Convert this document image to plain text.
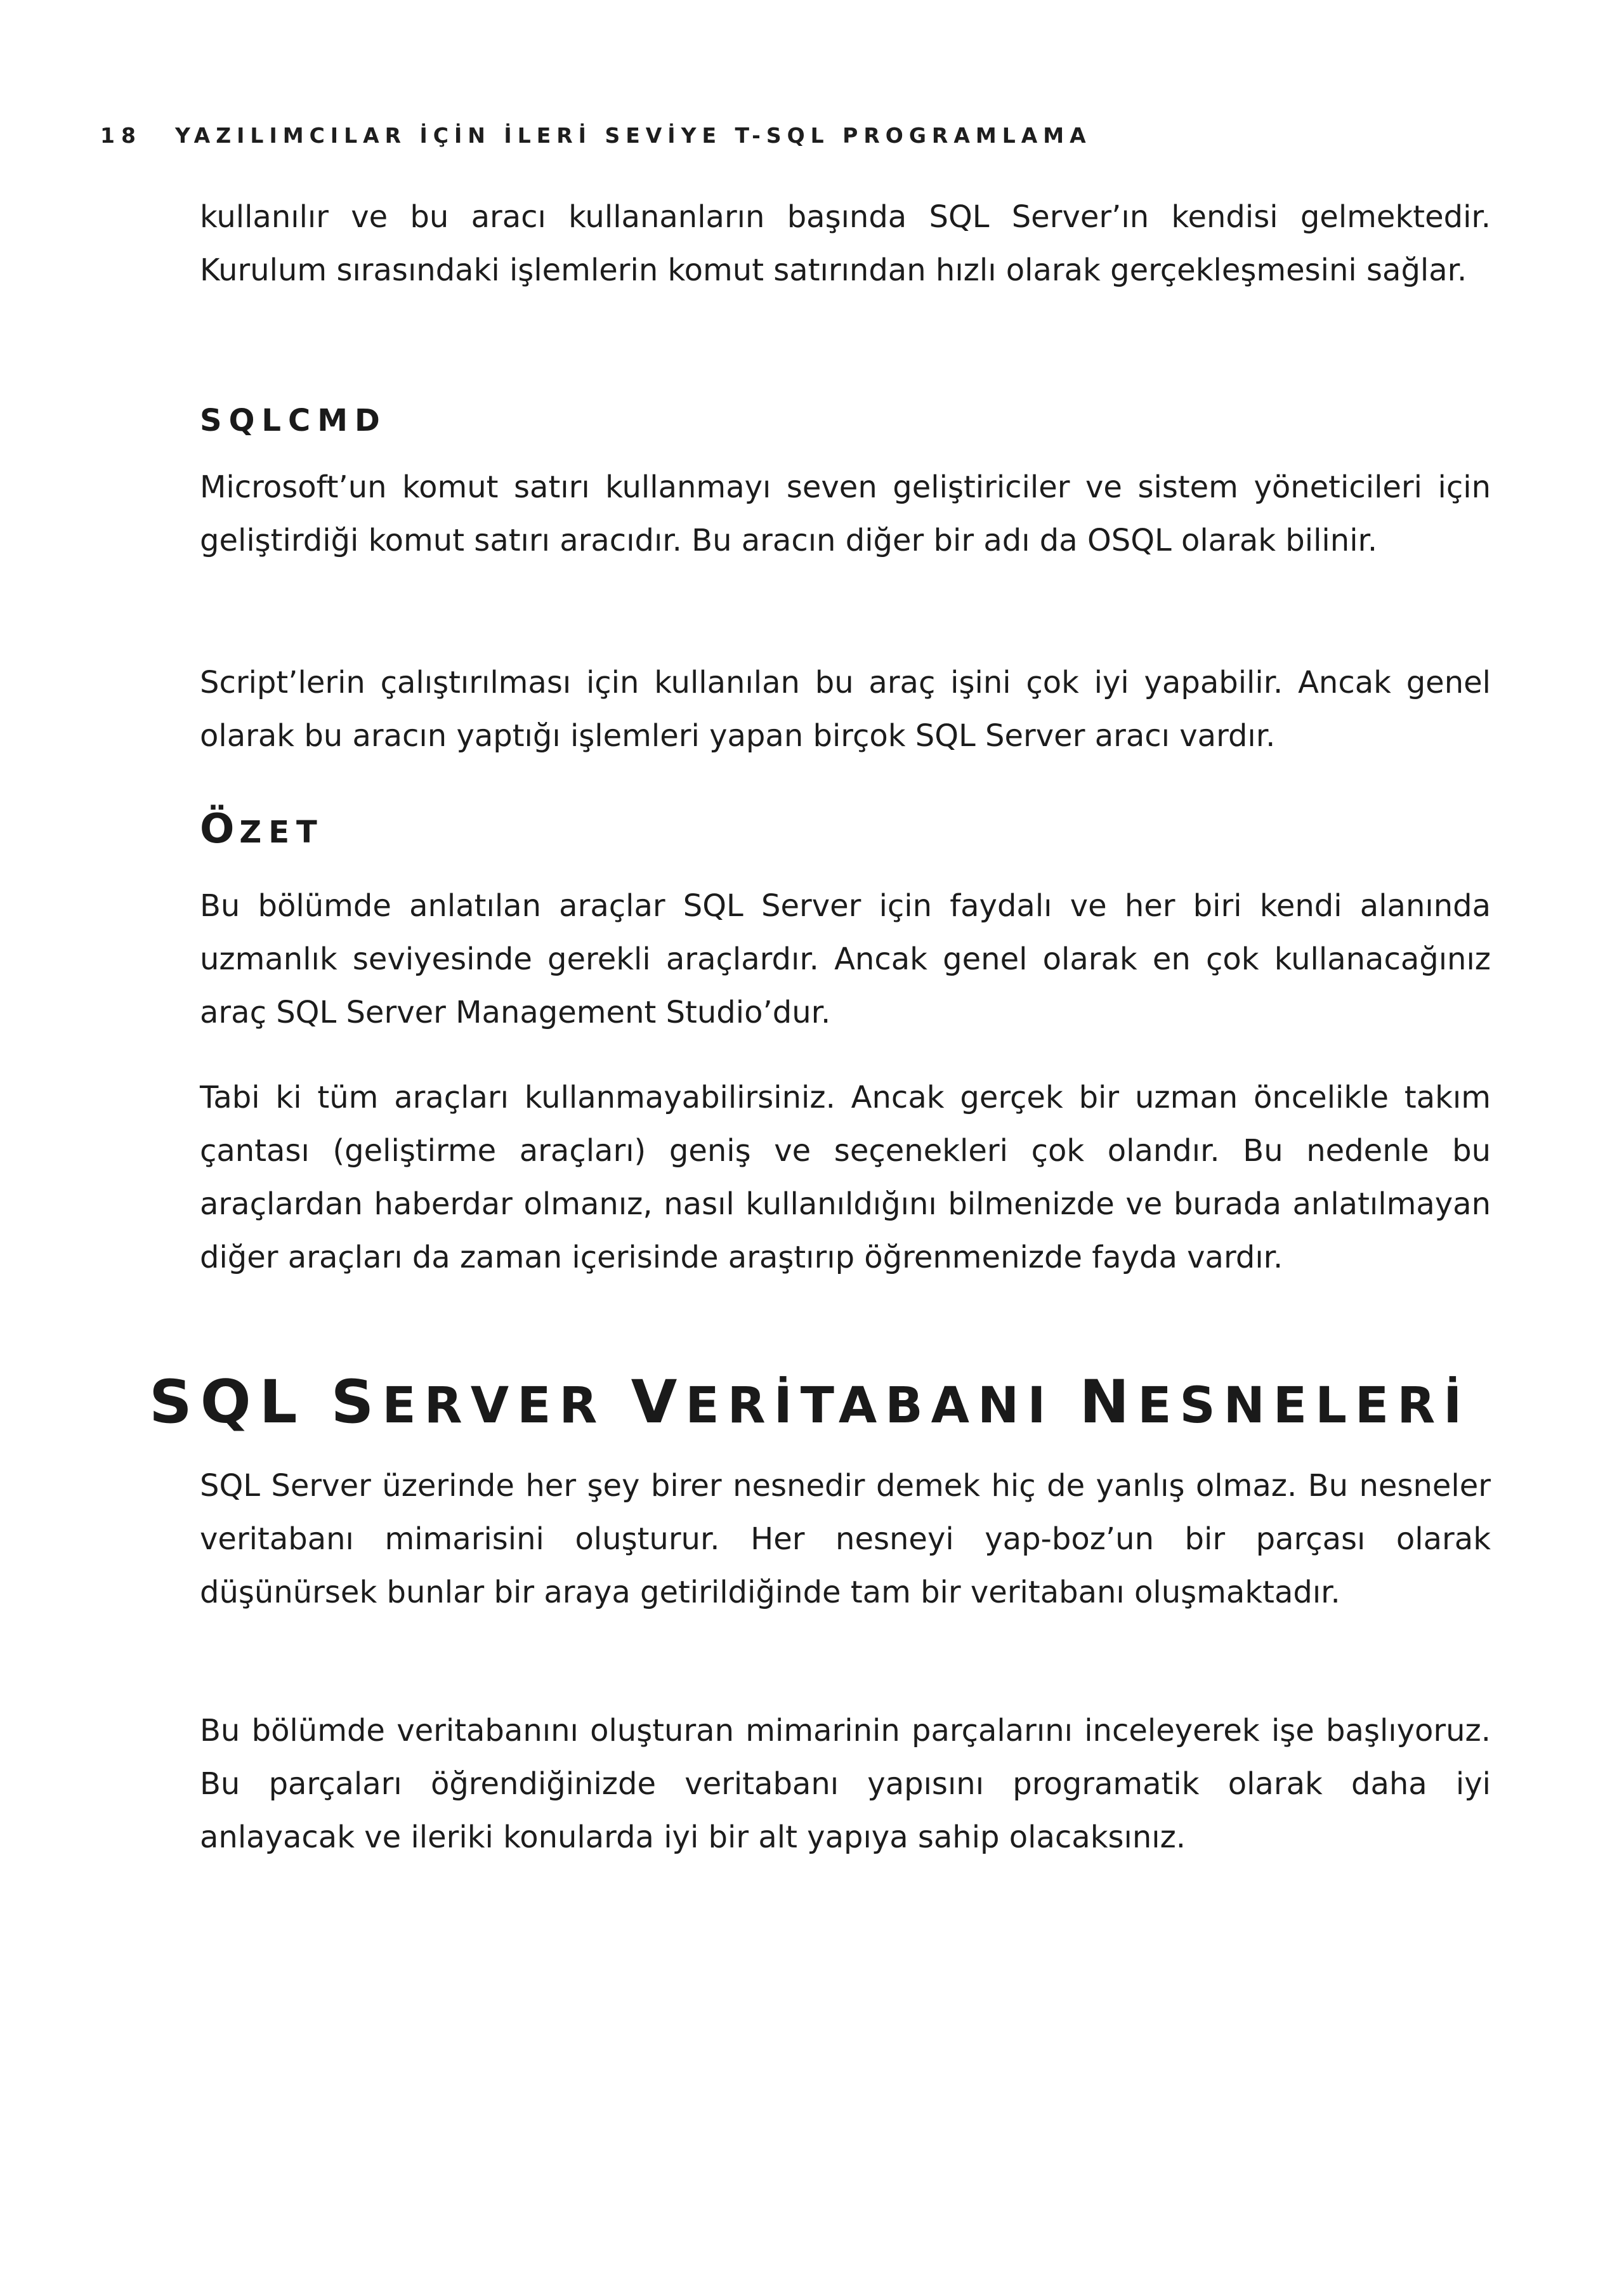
18 YAZILIMCILAR İÇİN İLERİ SEVİYE T-SQL PROGRAMLAMA

kullanılır ve bu aracı kullananların başında SQL Server’ın kendisi gelmektedir. Kurulum sırasındaki işlemlerin komut satırından hızlı olarak gerçekleşmesini sağlar.

SQLCMD

Microsoft’un komut satırı kullanmayı seven geliştiriciler ve sistem yöneticileri için geliştirdiği komut satırı aracıdır. Bu aracın diğer bir adı da OSQL olarak bilinir.

Script’lerin çalıştırılması için kullanılan bu araç işini çok iyi yapabilir. Ancak genel olarak bu aracın yaptığı işlemleri yapan birçok SQL Server aracı vardır.

ÖZET

Bu bölümde anlatılan araçlar SQL Server için faydalı ve her biri kendi alanında uzmanlık seviyesinde gerekli araçlardır. Ancak genel olarak en çok kullanacağınız araç SQL Server Management Studio’dur.

Tabi ki tüm araçları kullanmayabilirsiniz. Ancak gerçek bir uzman öncelikle takım çantası (geliştirme araçları) geniş ve seçenekleri çok olandır. Bu nedenle bu araçlardan haberdar olmanız, nasıl kullanıldığını bilmenizde ve burada anlatılmayan diğer araçları da zaman içerisinde araştırıp öğrenmenizde fayda vardır.

SQL SERVER VERİTABANI NESNELERİ

SQL Server üzerinde her şey birer nesnedir demek hiç de yanlış olmaz. Bu nesneler veritabanı mimarisini oluşturur. Her nesneyi yap-boz’un bir parçası olarak düşünürsek bunlar bir araya getirildiğinde tam bir veritabanı oluşmaktadır.

Bu bölümde veritabanını oluşturan mimarinin parçalarını inceleyerek işe başlıyoruz. Bu parçaları öğrendiğinizde veritabanı yapısını programatik olarak daha iyi anlayacak ve ileriki konularda iyi bir alt yapıya sahip olacaksınız.
